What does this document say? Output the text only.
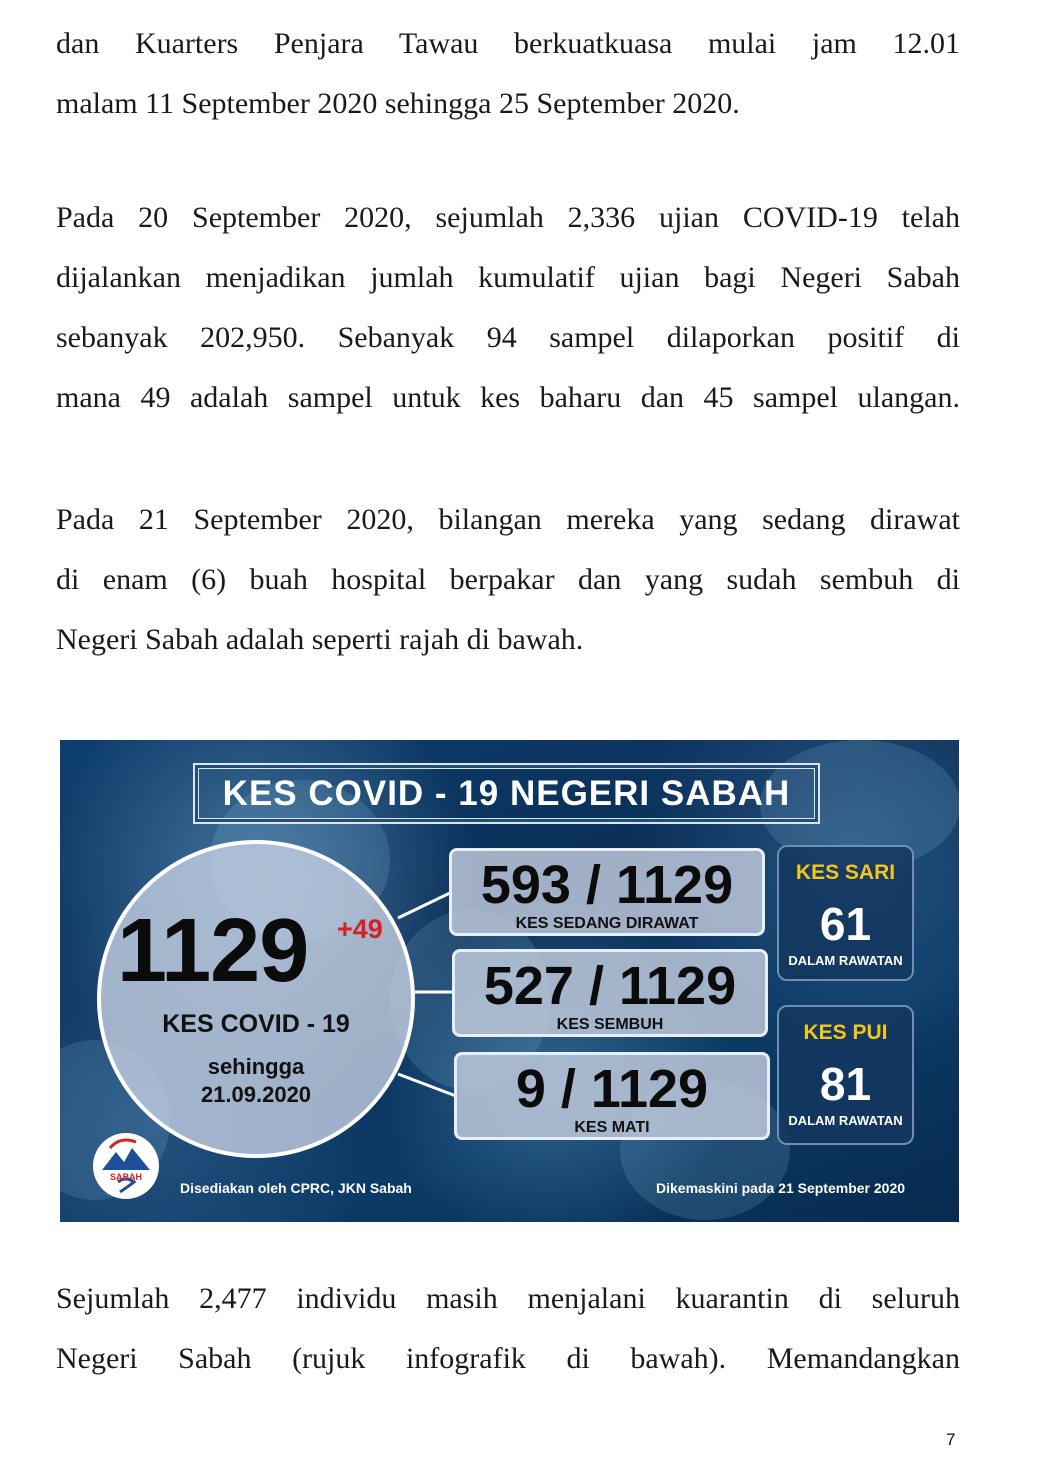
dan Kuarters Penjara Tawau berkuatkuasa mulai jam 12.01
malam 11 September 2020 sehingga 25 September 2020.
Pada 20 September 2020, sejumlah 2,336 ujian COVID-19 telah
dijalankan menjadikan jumlah kumulatif ujian bagi Negeri Sabah
sebanyak 202,950. Sebanyak 94 sampel dilaporkan positif di
mana 49 adalah sampel untuk kes baharu dan 45 sampel ulangan.
Pada 21 September 2020, bilangan mereka yang sedang dirawat
di enam (6) buah hospital berpakar dan yang sudah sembuh di
Negeri Sabah adalah seperti rajah di bawah.
KES COVID - 19 NEGERI SABAH
1129	+49
KES COVID - 19
sehingga
21.09.2020
593 / 1129
KES SEDANG DIRAWAT
527 / 1129
KES SEMBUH
9 / 1129
KES MATI
KES SARI
61
DALAM RAWATAN
KES PUI
81
DALAM RAWATAN
SABAH
Disediakan oleh CPRC, JKN Sabah	Dikemaskini pada 21 September 2020
Sejumlah 2,477 individu masih menjalani kuarantin di seluruh
Negeri Sabah (rujuk infografik di bawah). Memandangkan
7
